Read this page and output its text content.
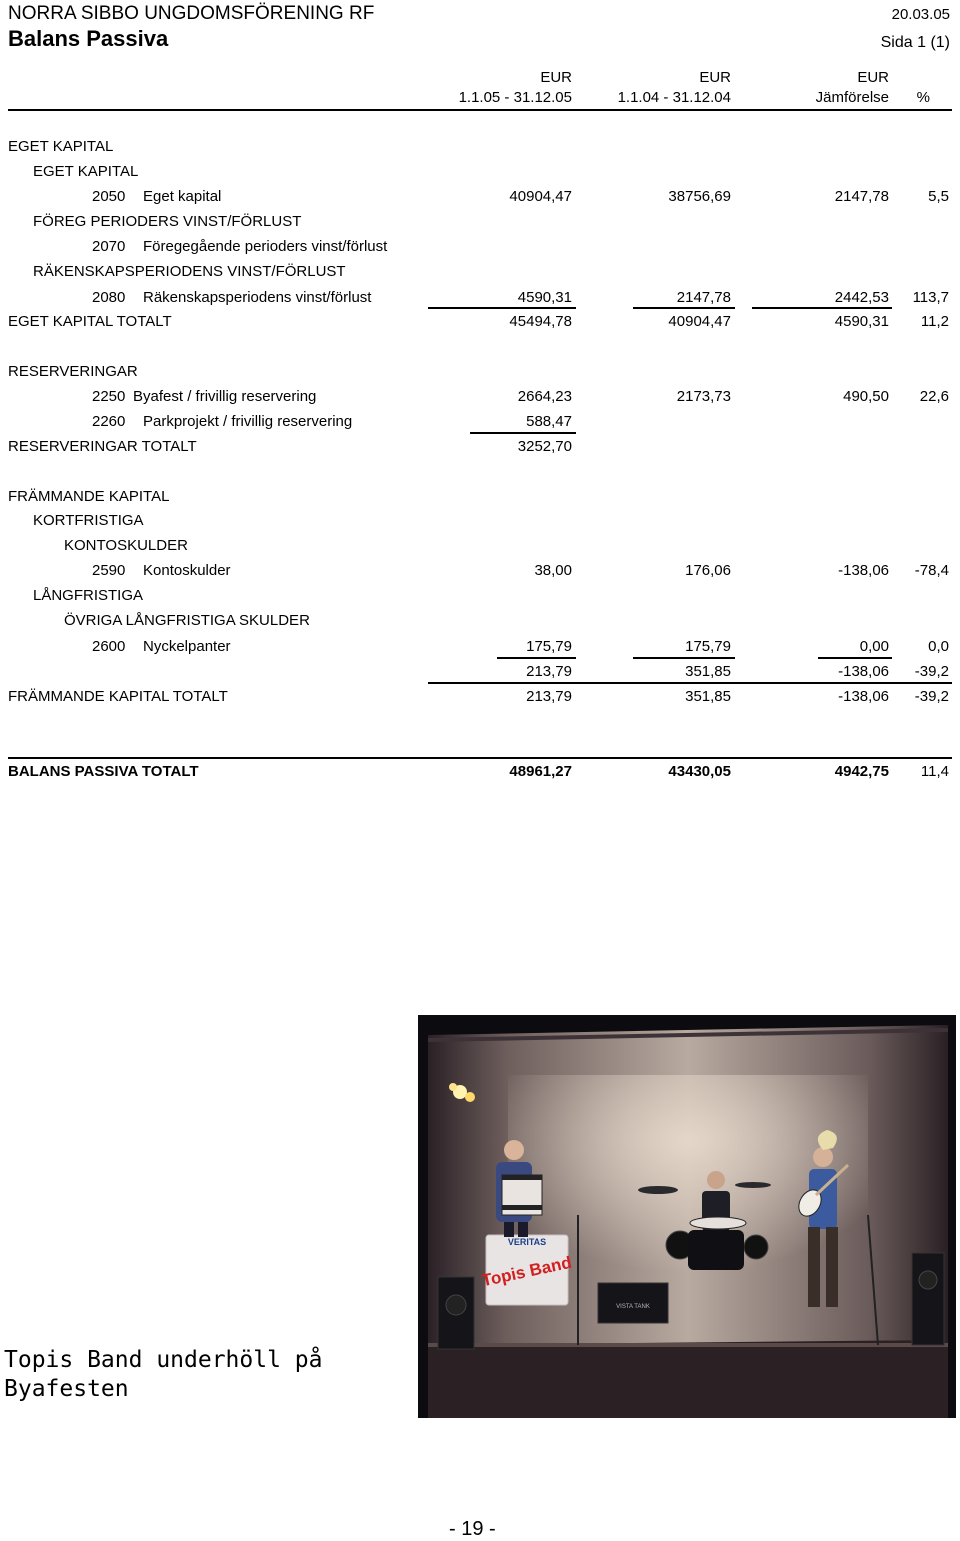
NORRA SIBBO UNGDOMSFÖRENING RF
Balans Passiva
20.03.05
Sida 1 (1)
EUR	EUR	EUR
1.1.05 - 31.12.05	1.1.04 - 31.12.04	Jämförelse %
EGET KAPITAL
EGET KAPITAL
2050 Eget kapital	40904,47	38756,69	2147,78	5,5
FÖREG PERIODERS VINST/FÖRLUST
2070 Föregegående perioders vinst/förlust
RÄKENSKAPSPERIODENS VINST/FÖRLUST
2080 Räkenskapsperiodens vinst/förlust	4590,31	2147,78	2442,53 113,7
EGET KAPITAL TOTALT	45494,78	40904,47	4590,31 11,2
RESERVERINGAR
2250 Byafest / frivillig reservering	2664,23	2173,73	490,50 22,6
2260 Parkprojekt / frivillig reservering	588,47
RESERVERINGAR TOTALT	3252,70
FRÄMMANDE KAPITAL
KORTFRISTIGA
KONTOSKULDER
2590 Kontoskulder	38,00	176,06	-138,06 -78,4
LÅNGFRISTIGA
ÖVRIGA LÅNGFRISTIGA SKULDER
2600 Nyckelpanter	175,79	175,79	0,00	0,0
213,79	351,85	-138,06 -39,2
FRÄMMANDE KAPITAL TOTALT	213,79	351,85	-138,06 -39,2
BALANS PASSIVA TOTALT	48961,27	43430,05	4942,75 11,4
VERITAS
Topis Band
VISTA TANK
Topis Band underhöll på Byafesten
- 19 -
